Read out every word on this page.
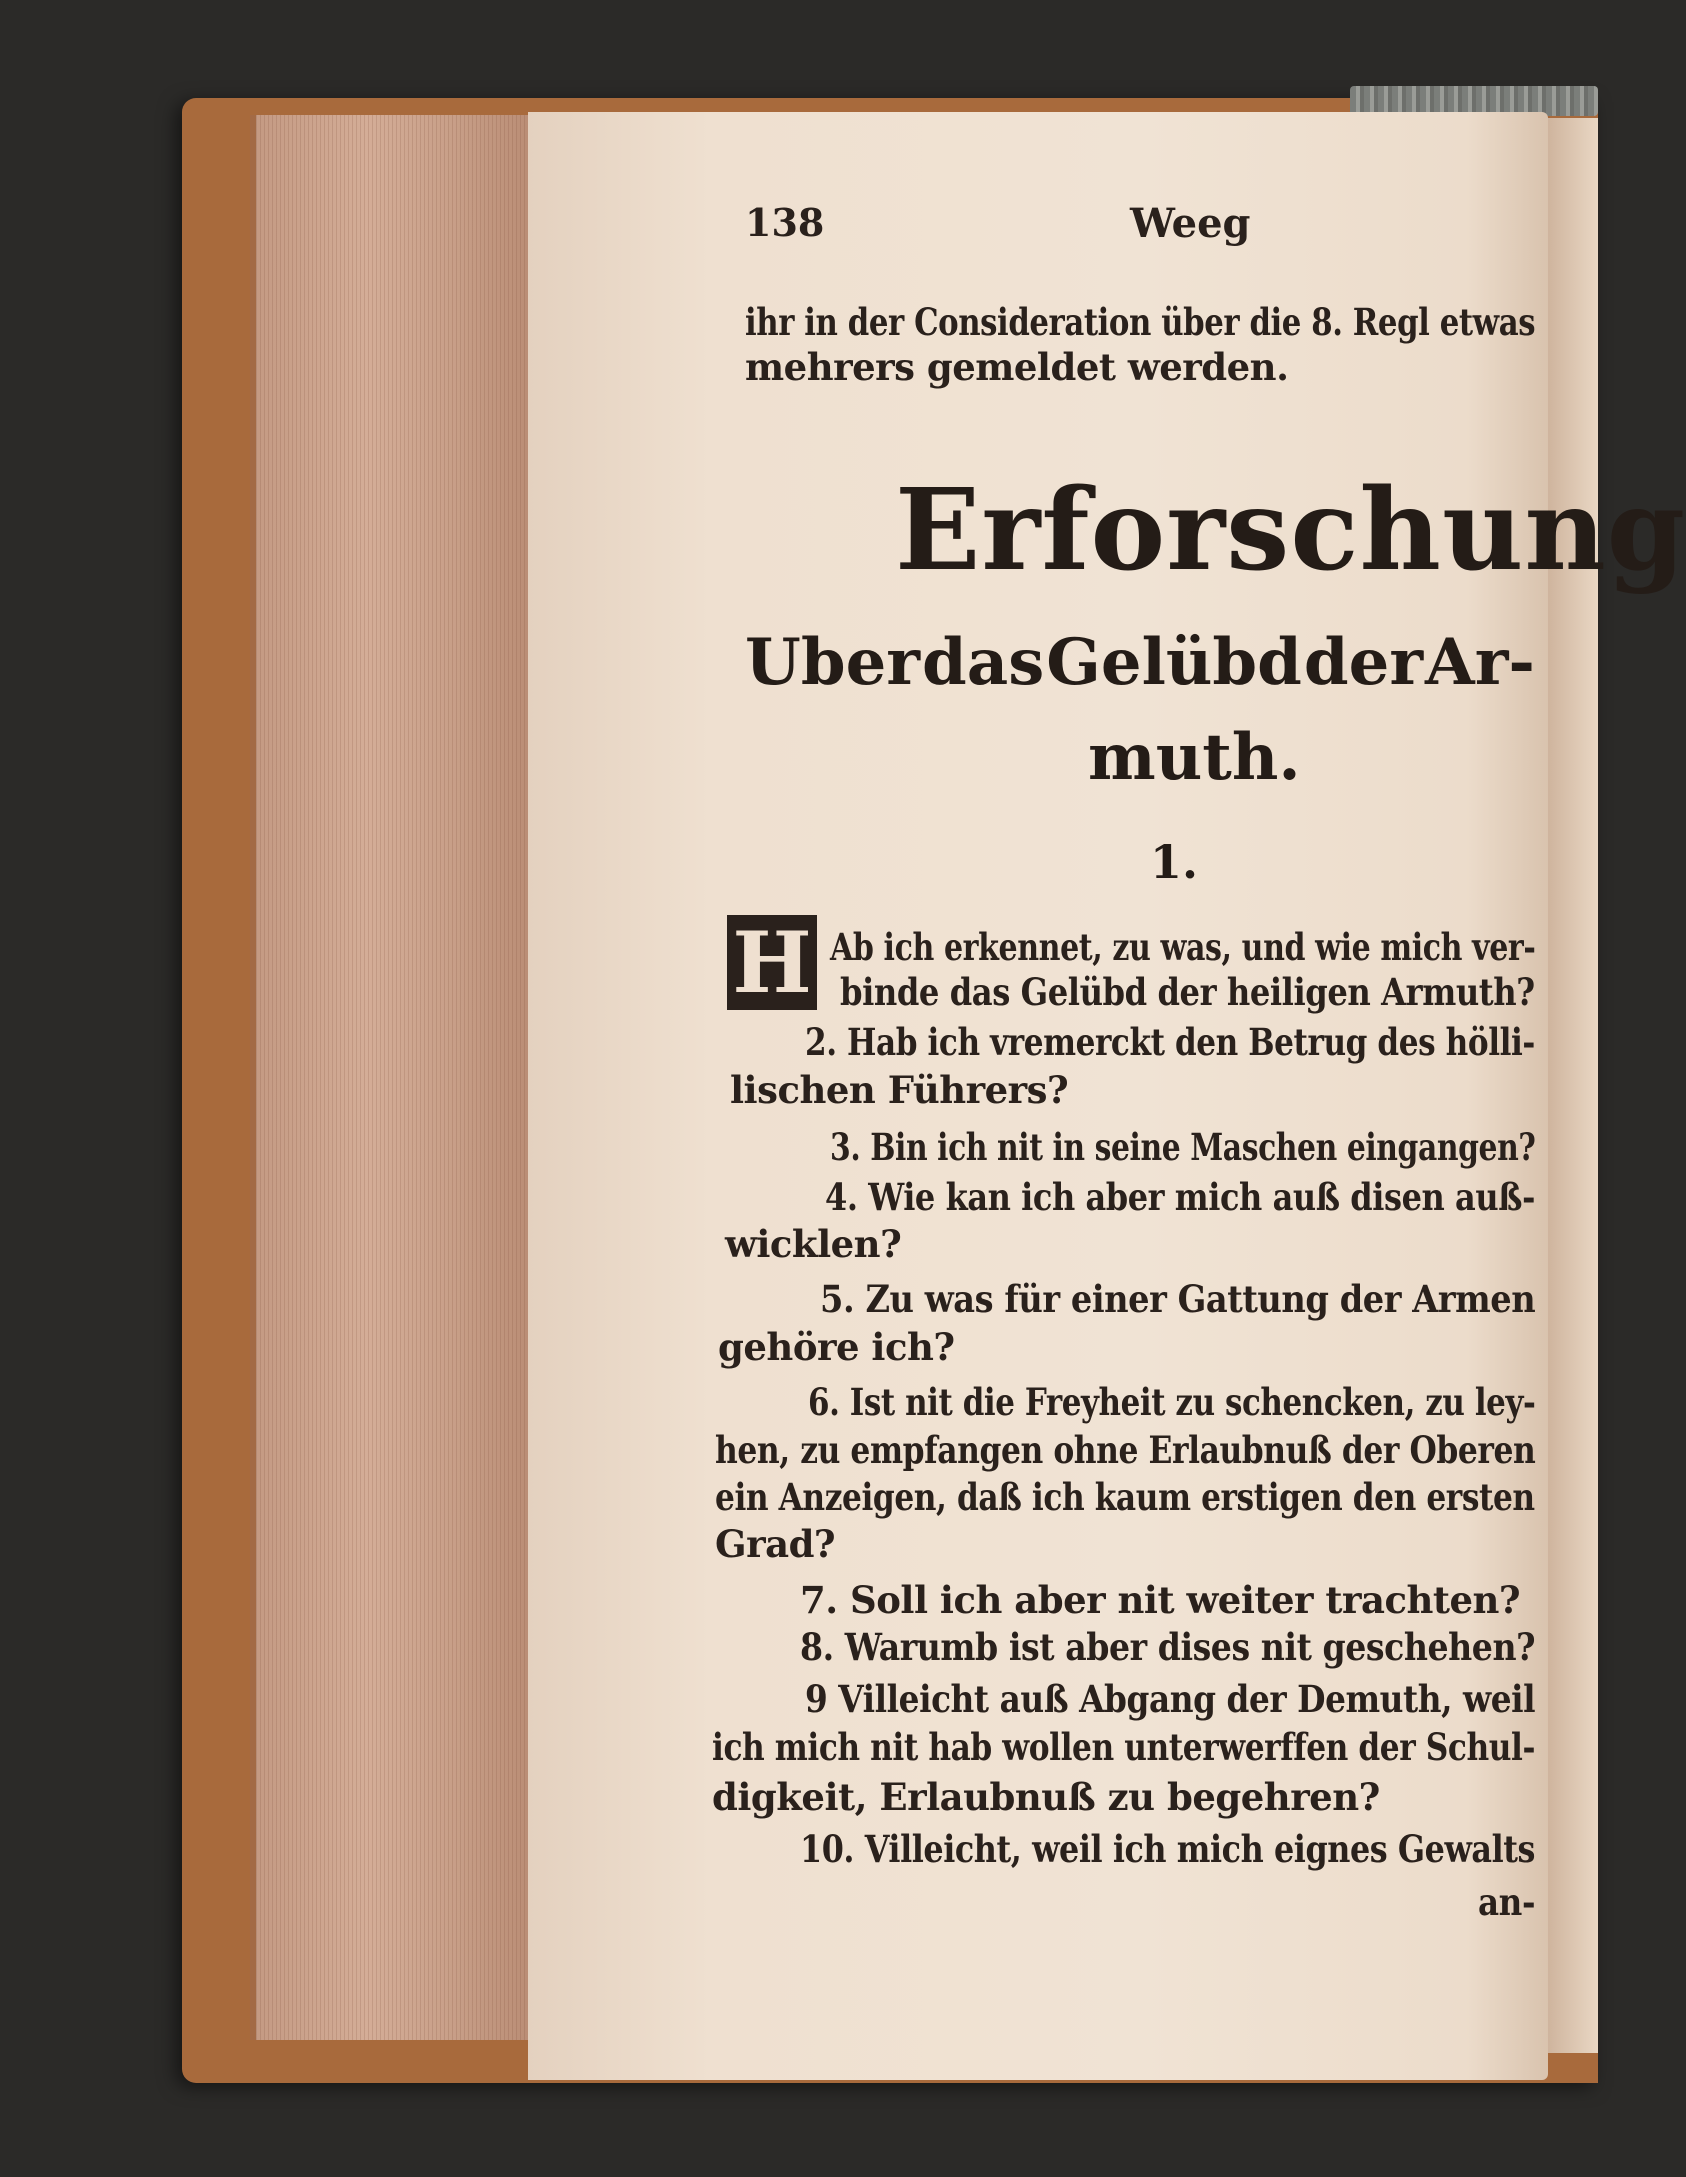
138	Weeg
ihr in der Consideration über die 8. Regl etwas
mehrers gemeldet werden.
Erforschung
Uber das Gelübd der Ar-
muth.
1.
H Ab ich erkennet, zu was, und wie mich ver-
binde das Gelübd der heiligen Armuth?
2. Hab ich vremerckt den Betrug des hölli-
lischen Führers?
3. Bin ich nit in seine Maschen eingangen?
4. Wie kan ich aber mich auß disen auß-
wicklen?
5. Zu was für einer Gattung der Armen
gehöre ich?
6. Ist nit die Freyheit zu schencken, zu ley-
hen, zu empfangen ohne Erlaubnuß der Oberen
ein Anzeigen, daß ich kaum erstigen den ersten
Grad?
7. Soll ich aber nit weiter trachten?
8. Warumb ist aber dises nit geschehen?
9 Villeicht auß Abgang der Demuth, weil
ich mich nit hab wollen unterwerffen der Schul-
digkeit, Erlaubnuß zu begehren?
10. Villeicht, weil ich mich eignes Gewalts
an-
